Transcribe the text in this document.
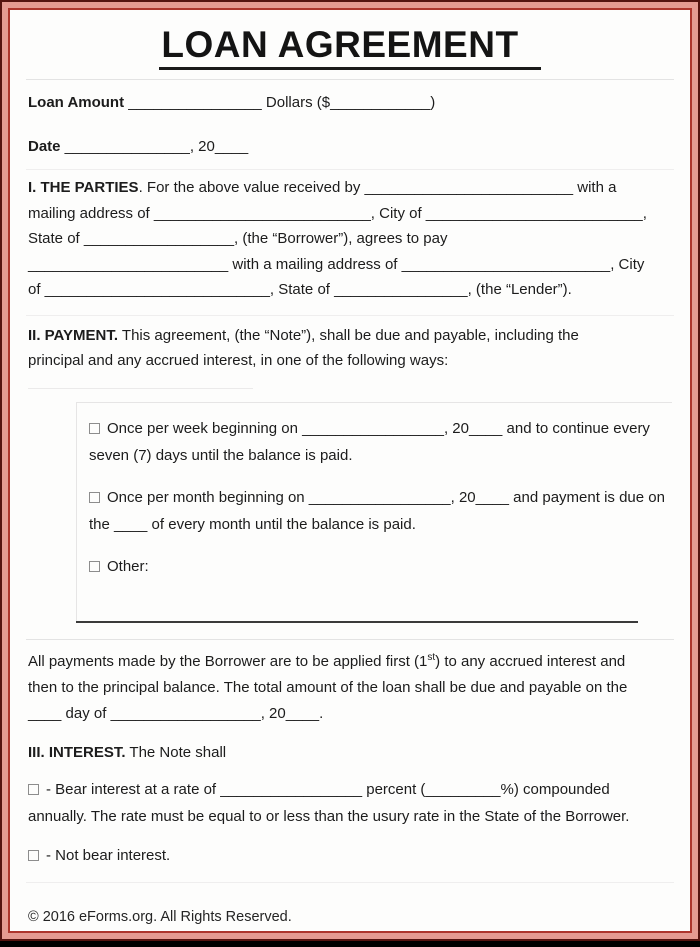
LOAN AGREEMENT
Loan Amount ________________ Dollars ($____________)
Date _______________, 20____
I. THE PARTIES. For the above value received by _________________________ with a
mailing address of __________________________, City of __________________________,
State of __________________, (the “Borrower”), agrees to pay
________________________ with a mailing address of _________________________, City
of ___________________________, State of ________________, (the “Lender”).
II. PAYMENT. This agreement, (the “Note”), shall be due and payable, including the
principal and any accrued interest, in one of the following ways:
Once per week beginning on _________________, 20____ and to continue every
seven (7) days until the balance is paid.
Once per month beginning on _________________, 20____ and payment is due on
the ____ of every month until the balance is paid.
Other:
All payments made by the Borrower are to be applied first (1st) to any accrued interest and
then to the principal balance. The total amount of the loan shall be due and payable on the
____ day of __________________, 20____.
III. INTEREST. The Note shall
- Bear interest at a rate of _________________ percent (_________%) compounded
annually. The rate must be equal to or less than the usury rate in the State of the Borrower.
- Not bear interest.
© 2016 eForms.org. All Rights Reserved.
